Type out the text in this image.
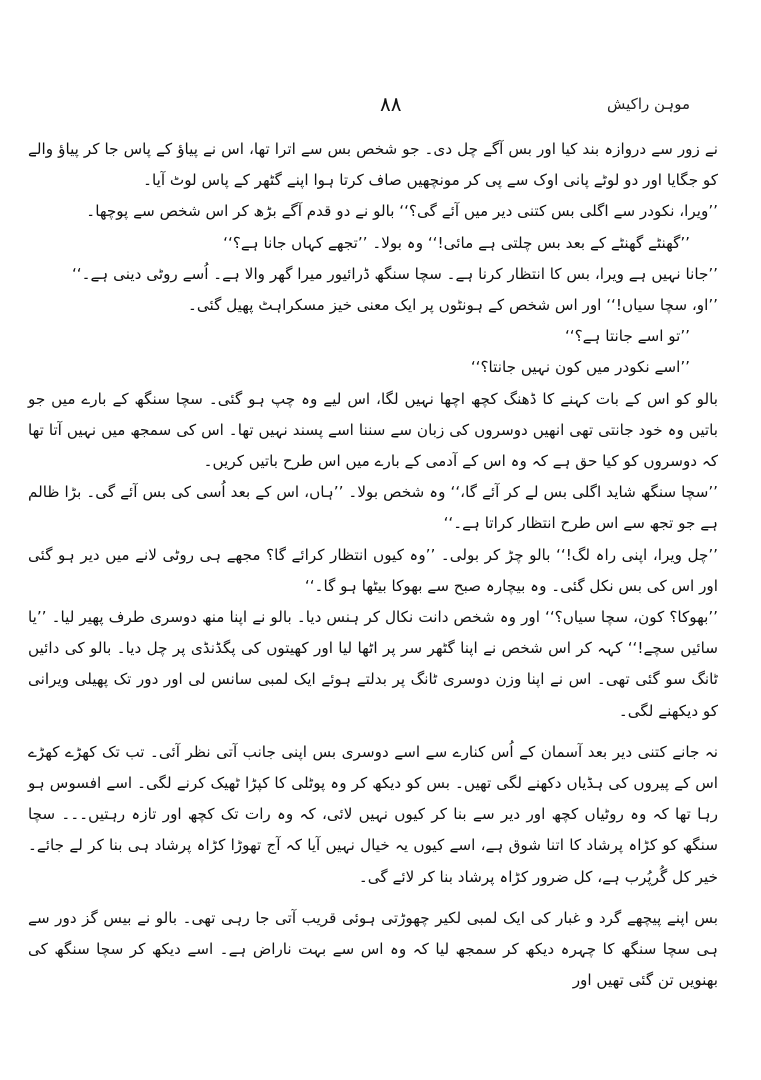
موہن راکیش
۸۸

نے زور سے دروازہ بند کیا اور بس آگے چل دی۔ جو شخص بس سے اترا تھا، اس نے پیاؤ کے پاس جا کر پیاؤ والے کو جگایا اور دو لوٹے پانی اوک سے پی کر مونچھیں صاف کرتا ہوا اپنے گٹھر کے پاس لوٹ آیا۔

’’ویرا، نکودر سے اگلی بس کتنی دیر میں آئے گی؟‘‘ بالو نے دو قدم آگے بڑھ کر اس شخص سے پوچھا۔

’’گھنٹے گھنٹے کے بعد بس چلتی ہے مائی!‘‘ وہ بولا۔ ’’تجھے کہاں جانا ہے؟‘‘

’’جانا نہیں ہے ویرا، بس کا انتظار کرنا ہے۔ سچا سنگھ ڈرائیور میرا گھر والا ہے۔ اُسے روٹی دینی ہے۔‘‘

’’او، سچا سیاں!‘‘ اور اس شخص کے ہونٹوں پر ایک معنی خیز مسکراہٹ پھیل گئی۔

’’تو اسے جانتا ہے؟‘‘

’’اسے نکودر میں کون نہیں جانتا؟‘‘

بالو کو اس کے بات کہنے کا ڈھنگ کچھ اچھا نہیں لگا، اس لیے وہ چپ ہو گئی۔ سچا سنگھ کے بارے میں جو باتیں وہ خود جانتی تھی انھیں دوسروں کی زبان سے سننا اسے پسند نہیں تھا۔ اس کی سمجھ میں نہیں آتا تھا کہ دوسروں کو کیا حق ہے کہ وہ اس کے آدمی کے بارے میں اس طرح باتیں کریں۔

’’سچا سنگھ شاید اگلی بس لے کر آئے گا،‘‘ وہ شخص بولا۔ ’’ہاں، اس کے بعد اُسی کی بس آئے گی۔ بڑا ظالم ہے جو تجھ سے اس طرح انتظار کراتا ہے۔‘‘

’’چل ویرا، اپنی راہ لگ!‘‘ بالو چڑ کر بولی۔ ’’وہ کیوں انتظار کرائے گا؟ مجھے ہی روٹی لانے میں دیر ہو گئی اور اس کی بس نکل گئی۔ وہ بیچارہ صبح سے بھوکا بیٹھا ہو گا۔‘‘

’’بھوکا؟ کون، سچا سیاں؟‘‘ اور وہ شخص دانت نکال کر ہنس دیا۔ بالو نے اپنا منھ دوسری طرف پھیر لیا۔ ’’یا سائیں سچے!‘‘ کہہ کر اس شخص نے اپنا گٹھر سر پر اٹھا لیا اور کھیتوں کی پگڈنڈی پر چل دیا۔ بالو کی دائیں ٹانگ سو گئی تھی۔ اس نے اپنا وزن دوسری ٹانگ پر بدلتے ہوئے ایک لمبی سانس لی اور دور تک پھیلی ویرانی کو دیکھنے لگی۔

نہ جانے کتنی دیر بعد آسمان کے اُس کنارے سے اسے دوسری بس اپنی جانب آتی نظر آئی۔ تب تک کھڑے کھڑے اس کے پیروں کی ہڈیاں دکھنے لگی تھیں۔ بس کو دیکھ کر وہ پوٹلی کا کپڑا ٹھیک کرنے لگی۔ اسے افسوس ہو رہا تھا کہ وہ روٹیاں کچھ اور دیر سے بنا کر کیوں نہیں لائی، کہ وہ رات تک کچھ اور تازہ رہتیں۔۔۔ سچا سنگھ کو کڑاہ پرشاد کا اتنا شوق ہے، اسے کیوں یہ خیال نہیں آیا کہ آج تھوڑا کڑاہ پرشاد ہی بنا کر لے جائے۔ خیر کل گُرپُرب ہے، کل ضرور کڑاہ پرشاد بنا کر لائے گی۔

بس اپنے پیچھے گرد و غبار کی ایک لمبی لکیر چھوڑتی ہوئی قریب آتی جا رہی تھی۔ بالو نے بیس گز دور سے ہی سچا سنگھ کا چہرہ دیکھ کر سمجھ لیا کہ وہ اس سے بہت ناراض ہے۔ اسے دیکھ کر سچا سنگھ کی بھنویں تن گئی تھیں اور
